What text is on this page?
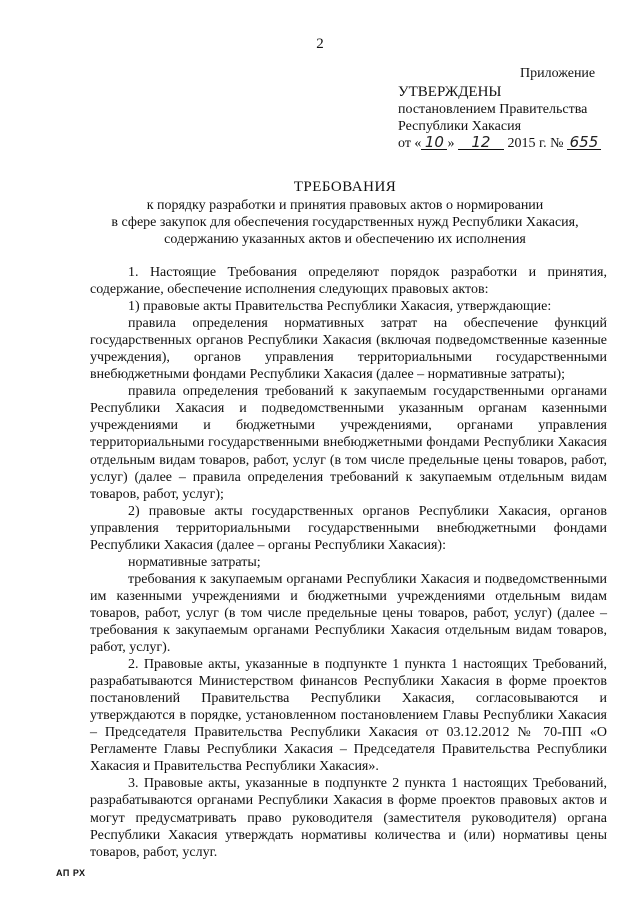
2
Приложение
УТВЕРЖДЕНЫ
постановлением Правительства
Республики Хакасия
от « 10 » 12 2015 г. № 655
ТРЕБОВАНИЯ

к порядку разработки и принятия правовых актов о нормировании

в сфере закупок для обеспечения государственных нужд Республики Хакасия,

содержанию указанных актов и обеспечению их исполнения

1. Настоящие Требования определяют порядок разработки и принятия, содержание, обеспечение исполнения следующих правовых актов:

1) правовые акты Правительства Республики Хакасия, утверждающие:

правила определения нормативных затрат на обеспечение функций государственных органов Республики Хакасия (включая подведомственные казенные учреждения), органов управления территориальными государственными внебюджетными фондами Республики Хакасия (далее – нормативные затраты);

правила определения требований к закупаемым государственными органами Республики Хакасия и подведомственными указанным органам казенными учреждениями и бюджетными учреждениями, органами управления территориальными государственными внебюджетными фондами Республики Хакасия отдельным видам товаров, работ, услуг (в том числе предельные цены товаров, работ, услуг) (далее – правила определения требований к закупаемым отдельным видам товаров, работ, услуг);

2) правовые акты государственных органов Республики Хакасия, органов управления территориальными государственными внебюджетными фондами Республики Хакасия (далее – органы Республики Хакасия):

нормативные затраты;

требования к закупаемым органами Республики Хакасия и подведомственными им казенными учреждениями и бюджетными учреждениями отдельным видам товаров, работ, услуг (в том числе предельные цены товаров, работ, услуг) (далее – требования к закупаемым органами Республики Хакасия отдельным видам товаров, работ, услуг).

2. Правовые акты, указанные в подпункте 1 пункта 1 настоящих Требований, разрабатываются Министерством финансов Республики Хакасия в форме проектов постановлений Правительства Республики Хакасия, согласовываются и утверждаются в порядке, установленном постановлением Главы Республики Хакасия – Председателя Правительства Республики Хакасия от 03.12.2012 № 70-ПП «О Регламенте Главы Республики Хакасия – Председателя Правительства Республики Хакасия и Правительства Республики Хакасия».

3. Правовые акты, указанные в подпункте 2 пункта 1 настоящих Требований, разрабатываются органами Республики Хакасия в форме проектов правовых актов и могут предусматривать право руководителя (заместителя руководителя) органа Республики Хакасия утверждать нормативы количества и (или) нормативы цены товаров, работ, услуг.

АП РХ
